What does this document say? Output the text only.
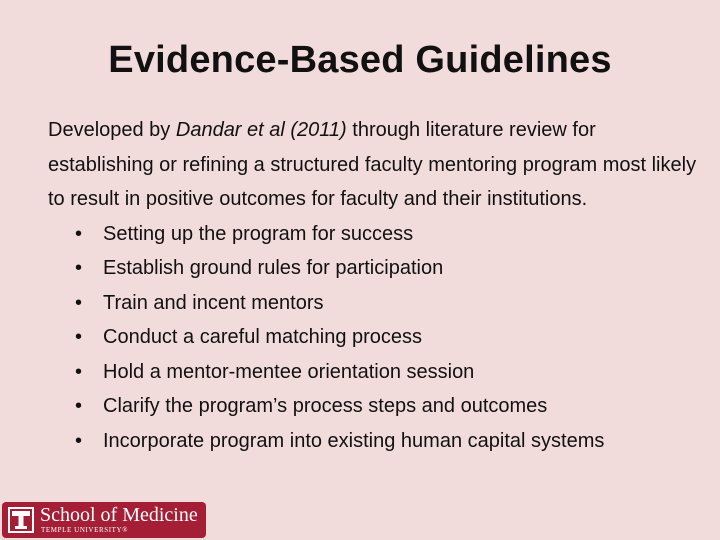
Evidence-Based Guidelines

Developed by Dandar et al (2011) through literature review for establishing or refining a structured faculty mentoring program most likely to result in positive outcomes for faculty and their institutions.

• Setting up the program for success
• Establish ground rules for participation
• Train and incent mentors
• Conduct a careful matching process
• Hold a mentor-mentee orientation session
• Clarify the program’s process steps and outcomes
• Incorporate program into existing human capital systems
School of Medicine
TEMPLE UNIVERSITY®
